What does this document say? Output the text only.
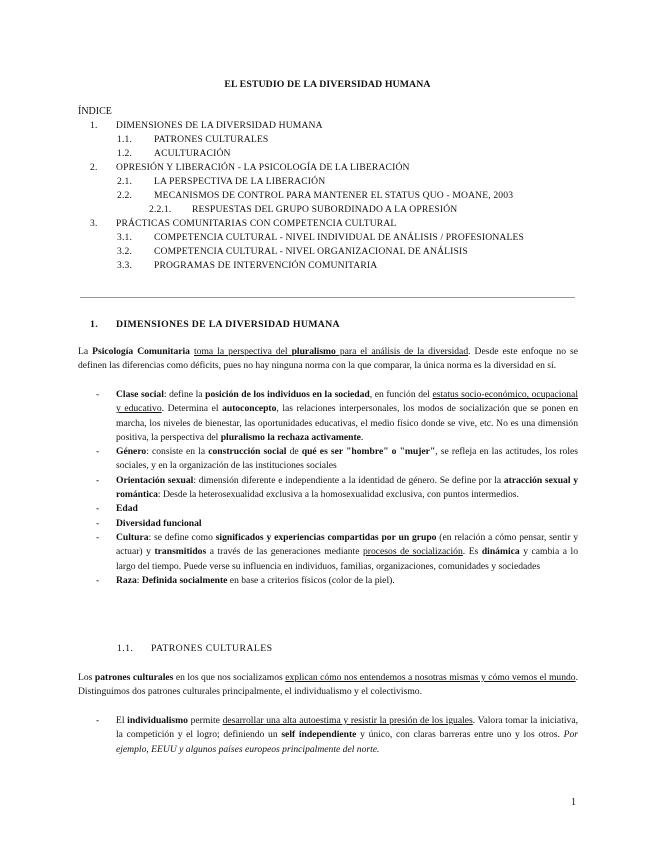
EL ESTUDIO DE LA DIVERSIDAD HUMANA
ÍNDICE
1. DIMENSIONES DE LA DIVERSIDAD HUMANA
1.1. PATRONES CULTURALES
1.2. ACULTURACIÓN
2. OPRESIÓN Y LIBERACIÓN - LA PSICOLOGÍA DE LA LIBERACIÓN
2.1. LA PERSPECTIVA DE LA LIBERACIÓN
2.2. MECANISMOS DE CONTROL PARA MANTENER EL STATUS QUO - MOANE, 2003
2.2.1. RESPUESTAS DEL GRUPO SUBORDINADO A LA OPRESIÓN
3. PRÁCTICAS COMUNITARIAS CON COMPETENCIA CULTURAL
3.1. COMPETENCIA CULTURAL - NIVEL INDIVIDUAL DE ANÁLISIS / PROFESIONALES
3.2. COMPETENCIA CULTURAL - NIVEL ORGANIZACIONAL DE ANÁLISIS
3.3. PROGRAMAS DE INTERVENCIÓN COMUNITARIA
1. DIMENSIONES DE LA DIVERSIDAD HUMANA
La Psicología Comunitaria toma la perspectiva del pluralismo para el análisis de la diversidad. Desde este enfoque no se definen las diferencias como déficits, pues no hay ninguna norma con la que comparar, la única norma es la diversidad en sí.
- Clase social: define la posición de los individuos en la sociedad, en función del estatus socio-económico, ocupacional y educativo. Determina el autoconcepto, las relaciones interpersonales, los modos de socialización que se ponen en marcha, los niveles de bienestar, las oportunidades educativas, el medio físico donde se vive, etc. No es una dimensión positiva, la perspectiva del pluralismo la rechaza activamente.
- Género: consiste en la construcción social de qué es ser "hombre" o "mujer", se refleja en las actitudes, los roles sociales, y en la organización de las instituciones sociales
- Orientación sexual: dimensión diferente e independiente a la identidad de género. Se define por la atracción sexual y romántica: Desde la heterosexualidad exclusiva a la homosexualidad exclusiva, con puntos intermedios.
- Edad
- Diversidad funcional
- Cultura: se define como significados y experiencias compartidas por un grupo (en relación a cómo pensar, sentir y actuar) y transmitidos a través de las generaciones mediante procesos de socialización. Es dinámica y cambia a lo largo del tiempo. Puede verse su influencia en individuos, familias, organizaciones, comunidades y sociedades
- Raza: Definida socialmente en base a criterios físicos (color de la piel).
1.1. PATRONES CULTURALES
Los patrones culturales en los que nos socializamos explican cómo nos entendemos a nosotras mismas y cómo vemos el mundo. Distinguimos dos patrones culturales principalmente, el individualismo y el colectivismo.
- El individualismo permite desarrollar una alta autoestima y resistir la presión de los iguales. Valora tomar la iniciativa, la competición y el logro; definiendo un self independiente y único, con claras barreras entre uno y los otros. Por ejemplo, EEUU y algunos países europeos principalmente del norte.
1
